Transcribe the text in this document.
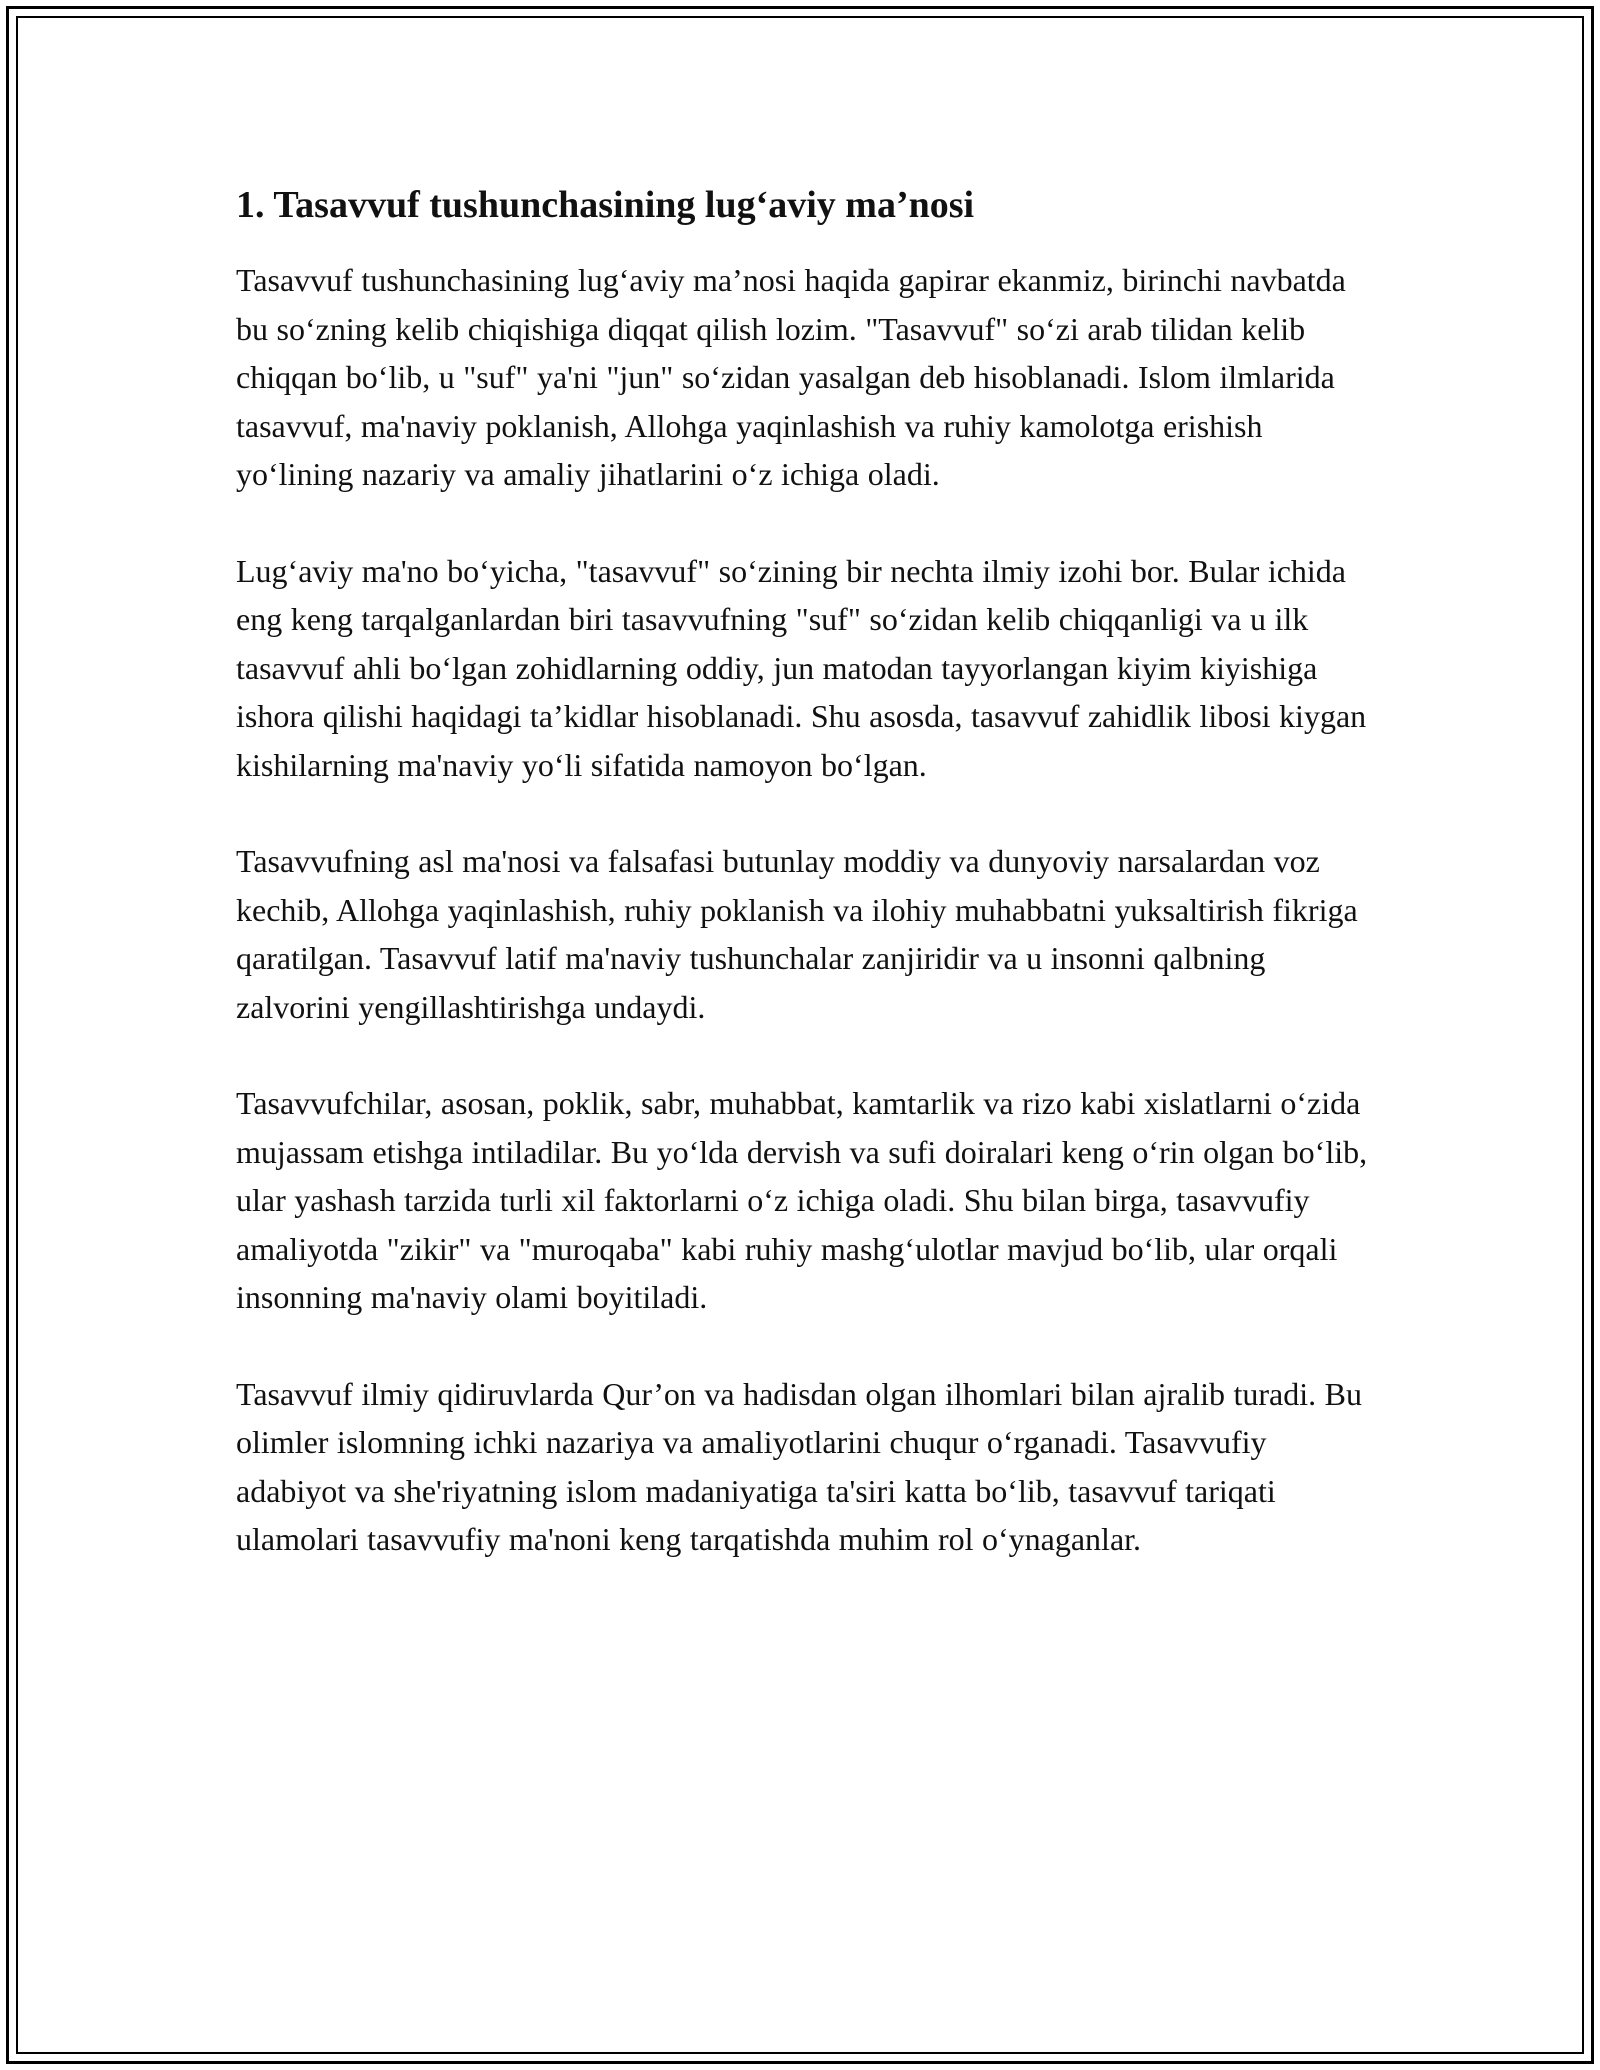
1. Tasavvuf tushunchasining lug‘aviy ma’nosi

Tasavvuf tushunchasining lug‘aviy ma’nosi haqida gapirar ekanmiz, birinchi navbatda bu so‘zning kelib chiqishiga diqqat qilish lozim. "Tasavvuf" so‘zi arab tilidan kelib chiqqan bo‘lib, u "suf" ya'ni "jun" so‘zidan yasalgan deb hisoblanadi. Islom ilmlarida tasavvuf, ma'naviy poklanish, Allohga yaqinlashish va ruhiy kamolotga erishish yo‘lining nazariy va amaliy jihatlarini o‘z ichiga oladi.

Lug‘aviy ma'no bo‘yicha, "tasavvuf" so‘zining bir nechta ilmiy izohi bor. Bular ichida eng keng tarqalganlardan biri tasavvufning "suf" so‘zidan kelib chiqqanligi va u ilk tasavvuf ahli bo‘lgan zohidlarning oddiy, jun matodan tayyorlangan kiyim kiyishiga ishora qilishi haqidagi ta’kidlar hisoblanadi. Shu asosda, tasavvuf zahidlik libosi kiygan kishilarning ma'naviy yo‘li sifatida namoyon bo‘lgan.

Tasavvufning asl ma'nosi va falsafasi butunlay moddiy va dunyoviy narsalardan voz kechib, Allohga yaqinlashish, ruhiy poklanish va ilohiy muhabbatni yuksaltirish fikriga qaratilgan. Tasavvuf latif ma'naviy tushunchalar zanjiridir va u insonni qalbning zalvorini yengillashtirishga undaydi.

Tasavvufchilar, asosan, poklik, sabr, muhabbat, kamtarlik va rizo kabi xislatlarni o‘zida mujassam etishga intiladilar. Bu yo‘lda dervish va sufi doiralari keng o‘rin olgan bo‘lib, ular yashash tarzida turli xil faktorlarni o‘z ichiga oladi. Shu bilan birga, tasavvufiy amaliyotda "zikir" va "muroqaba" kabi ruhiy mashg‘ulotlar mavjud bo‘lib, ular orqali insonning ma'naviy olami boyitiladi.

Tasavvuf ilmiy qidiruvlarda Qur’on va hadisdan olgan ilhomlari bilan ajralib turadi. Bu olimler islomning ichki nazariya va amaliyotlarini chuqur o‘rganadi. Tasavvufiy adabiyot va she'riyatning islom madaniyatiga ta'siri katta bo‘lib, tasavvuf tariqati ulamolari tasavvufiy ma'noni keng tarqatishda muhim rol o‘ynaganlar.
